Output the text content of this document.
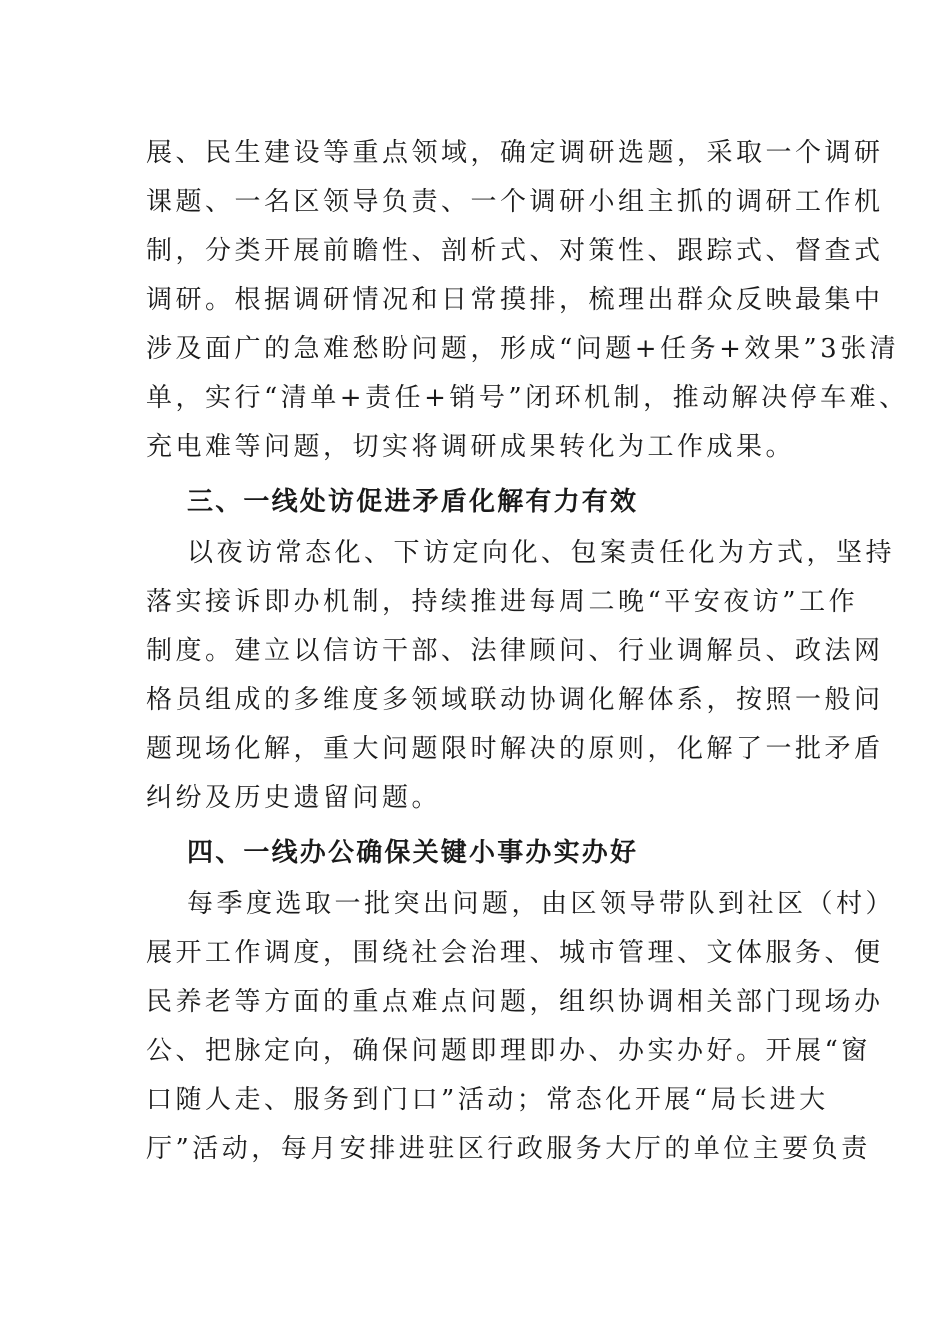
展、民生建设等重点领域，确定调研选题，采取一个调研
课题、一名区领导负责、一个调研小组主抓的调研工作机
制，分类开展前瞻性、剖析式、对策性、跟踪式、督查式
调研。根据调研情况和日常摸排，梳理出群众反映最集中
涉及面广的急难愁盼问题，形成“问题+任务+效果”3张清
单，实行“清单+责任+销号”闭环机制，推动解决停车难、
充电难等问题，切实将调研成果转化为工作成果。
三、一线处访促进矛盾化解有力有效
以夜访常态化、下访定向化、包案责任化为方式，坚持
落实接诉即办机制，持续推进每周二晚“平安夜访”工作
制度。建立以信访干部、法律顾问、行业调解员、政法网
格员组成的多维度多领域联动协调化解体系，按照一般问
题现场化解，重大问题限时解决的原则，化解了一批矛盾
纠纷及历史遗留问题。
四、一线办公确保关键小事办实办好
每季度选取一批突出问题，由区领导带队到社区（村）
展开工作调度，围绕社会治理、城市管理、文体服务、便
民养老等方面的重点难点问题，组织协调相关部门现场办
公、把脉定向，确保问题即理即办、办实办好。开展“窗
口随人走、服务到门口”活动；常态化开展“局长进大
厅”活动，每月安排进驻区行政服务大厅的单位主要负责
